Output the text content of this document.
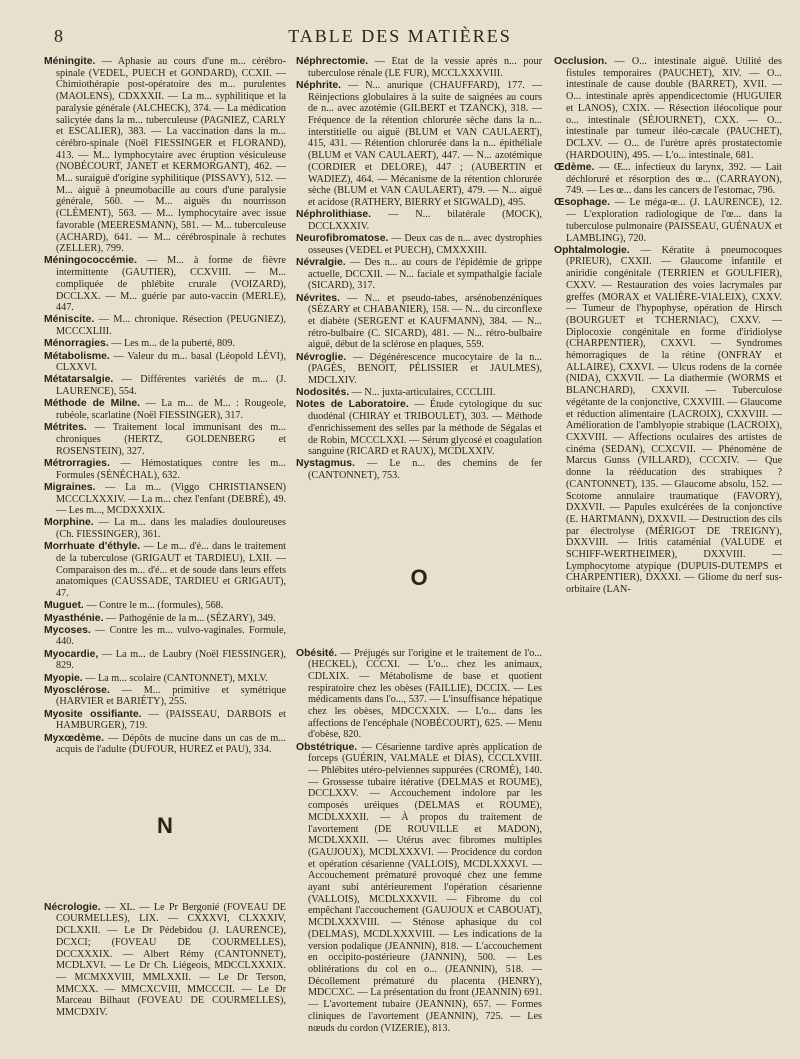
8	TABLE DES MATIÈRES
Méningite. — Aphasie au cours d'une m... cérébro-spinale (VEDEL, PUECH et GONDARD), CCXII. — Chimiothérapie post-opératoire des m... purulentes (MAOLENS), CDXXXII. — La m... syphilitique et la paralysie générale (ALCHECK), 374. — La médication salicytée dans la m... tuberculeuse (PAGNIEZ, CARLY et ESCALIER), 383. — La vaccination dans la m... cérébro-spinale (Noël FIESSINGER et FLORAND), 413. — M... lymphocytaire avec éruption vésiculeuse (NOBÉCOURT, JANET et KERMORGANT), 462. — M... suraiguë d'origine syphilitique (PISSAVY), 512. — M... aiguë à pneumobacille au cours d'une paralysie générale, 560. — M... aiguës du nourrisson (CLÉMENT), 563. — M... lymphocytaire avec issue favorable (MEERESMANN), 581. — M... tuberculeuse (ACHARD), 641. — M... cérébrospinale à rechutes (ZELLER), 799.
Méningococcémie. — M... à forme de fièvre intermittente (GAUTIER), CCXVIII. — M... compliquée de phlébite crurale (VOIZARD), DCCLXX. — M... guérie par auto-vaccin (MERLE), 447.
Méniscite. — M... chronique. Résection (PEUGNIEZ), MCCCXLIII.
Ménorragies. — Les m... de la puberté, 809.
Métabolisme. — Valeur du m... basal (Léopold LÉVI), CLXXVI.
Métatarsalgie. — Différentes variétés de m... (J. LAURENCE), 554.
Méthode de Milne. — La m... de M... : Rougeole, rubéole, scarlatine (Noël FIESSINGER), 317.
Métrites. — Traitement local immunisant des m... chroniques (HERTZ, GOLDENBERG et ROSENSTEIN), 327.
Métrorragies. — Hémostatiques contre les m... Formules (SÉNÉCHAL), 632.
Migraines. — La m... (Viggo CHRISTIANSEN) MCCCLXXXIV. — La m... chez l'enfant (DEBRÉ), 49. — Les m..., MCDXXXIX.
Morphine. — La m... dans les maladies douloureuses (Ch. FIESSINGER), 361.
Morrhuate d'éthyle. — Le m... d'é... dans le traitement de la tuberculose (GRIGAUT et TARDIEU), LXII. — Comparaison des m... d'é... et de soude dans leurs effets anatomiques (CAUSSADE, TARDIEU et GRIGAUT), 47.
Muguet. — Contre le m... (formules), 568.
Myasthénie. — Pathogénie de la m... (SÉZARY), 349.
Mycoses. — Contre les m... vulvo-vaginales. Formule, 440.
Myocardie, — La m... de Laubry (Noël FIESSINGER), 829.
Myopie. — La m... scolaire (CANTONNET), MXLV.
Myosclérose. — M... primitive et symétrique (HARVIER et BARIÉTY), 255.
Myosite ossifiante. — (PAISSEAU, DARBOIS et HAMBURGER), 719.
Myxœdème. — Dépôts de mucine dans un cas de m... acquis de l'adulte (DUFOUR, HUREZ et PAU), 334.
N
Nécrologie. — XL. — Le Pr Bergonié (FOVEAU DE COURMELLES), LIX. — CXXXVI, CLXXXIV, DCLXXII. — Le Dr Pédebidou (J. LAURENCE), DCXCI; (FOVEAU DE COURMELLES), DCCXXXIX. — Albert Rémy (CANTONNET), MCDLXVI. — Le Dr Ch. Liégeois, MDCCLXXXIX. — MCMXXVIII, MMLXXII. — Le Dr Terson, MMCXX. — MMCXCVIII, MMCCCII. — Le Dr Marceau Bilhaut (FOVEAU DE COURMELLES), MMCDXIV.
Néphrectomie. — État de la vessie après n... pour tuberculose rénale (LE FUR), MCCLXXXVIII.
Néphrite. — N... anurique (CHAUFFARD), 177. — Réinjections globulaires à la suite de saignées au cours de n... avec azotémie (GILBERT et TZANCK), 318. — Fréquence de la rétention chlorurée sèche dans la n... interstitielle ou aiguë (BLUM et VAN CAULAERT), 415, 431. — Rétention chlorurée dans la n... épithéliale (BLUM et VAN CAULAERT), 447. — N... azotémique (CORDIER et DELORE), 447 ; (AUBERTIN et WADIEZ), 464. — Mécanisme de la rétention chlorurée sèche (BLUM et VAN CAULAERT), 479. — N... aiguë et acidose (RATHERY, BIERRY et SIGWALD), 495.
Néphrolithiase. — N... bilatérale (MOCK), DCCLXXXIV.
Neurofibromatose. — Deux cas de n... avec dystrophies osseuses (VEDEL et PUECH), CMXXXIII.
Névralgie. — Des n... au cours de l'épidémie de grippe actuelle, DCCXII. — N... faciale et sympathalgie faciale (SICARD), 317.
Névrites. — N... et pseudo-tabes, arsénobenzéniques (SÉZARY et CHABANIER), 158. — N... du circonflexe et diabète (SERGENT et KAUFMANN), 384. — N... rétro-bulbaire (C. SICARD), 481. — N... rétro-bulbaire aiguë, début de la sclérose en plaques, 559.
Névroglie. — Dégénérescence mucocytaire de la n... (PAGÈS, BENOIT, PÉLISSIER et JAULMES), MDCLXIV.
Nodosités. — N... juxta-articulaires, CCCLIII.
Notes de Laboratoire. — Étude cytologique du suc duodénal (CHIRAY et TRIBOULET), 303. — Méthode d'enrichissement des selles par la méthode de Ségalas et de Robin, MCCCLXXI. — Sérum glycosé et coagulation sanguine (RICARD et RAUX), MCDLXXIV.
Nystagmus. — Le n... des chemins de fer (CANTONNET), 753.
O
Obésité. — Préjugés sur l'origine et le traitement de l'o... (HECKEL), CCCXI. — L'o... chez les animaux, CDLXIX. — Métabolisme de base et quotient respiratoire chez les obèses (FAILLIE), DCCIX. — Les médicaments dans l'o..., 537. — L'insuffisance hépatique chez les obèses, MDCCXXIX. — L'o... dans les affections de l'encéphale (NOBÉCOURT), 625. — Menu d'obèse, 820.
Obstétrique. — Césarienne tardive après application de forceps (GUÉRIN, VALMALE et DIAS), CCCLXVIII. — Phlébites utéro-pelviennes suppurées (CROMÉ), 140. — Grossesse tubaire itérative (DELMAS et ROUME), DCCLXXV. — Accouchement indolore par les composés uréiques (DELMAS et ROUME), MCDLXXXII. — À propos du traitement de l'avortement (DE ROUVILLE et MADON), MCDLXXXII. — Utérus avec fibromes multiples (GAUJOUX), MCDLXXXVI. — Procidence du cordon et opération césarienne (VALLOIS), MCDLXXXVI. — Accouchement prématuré provoqué chez une femme ayant subi antérieurement l'opération césarienne (VALLOIS), MCDLXXXVII. — Fibrome du col empêchant l'accouchement (GAUJOUX et CABOUAT), MCDLXXXVIII. — Sténose aphasique du col (DELMAS), MCDLXXXVIII. — Les indications de la version podalique (JEANNIN), 818. — L'accouchement en occipito-postérieure (JANNIN), 500. — Les oblitérations du col en o... (JEANNIN), 518. — Décollement prématuré du placenta (HENRY), MDCCXC. — La présentation du front (JEANNIN) 691. — L'avortement tubaire (JEANNIN), 657. — Formes cliniques de l'avortement (JEANNIN), 725. — Les nœuds du cordon (VIZERIE), 813.
Occlusion. — O... intestinale aiguë. Utilité des fistules temporaires (PAUCHET), XIV. — O... intestinale de cause double (BARRET), XVII. — O... intestinale après appendicectomie (HUGUIER et LANOS), CXIX. — Résection iléocolique pour o... intestinale (SÉJOURNET), CXX. — O... intestinale par tumeur iléo-cæcale (PAUCHET), DCLXV. — O... de l'urètre après prostatectomie (HARDOUIN), 495. — L'o... intestinale, 681.
Œdème. — Œ... infectieux du larynx, 392. — Lait déchloruré et résorption des œ... (CARRAYON), 749. — Les œ... dans les cancers de l'estomac, 796.
Œsophage. — Le méga-œ... (J. LAURENCE), 12. — L'exploration radiologique de l'œ... dans la tuberculose pulmonaire (PAISSEAU, GUÉNAUX et LAMBLING), 720.
Ophtalmologie. — Kératite à pneumocoques (PRIEUR), CXXII. — Glaucome infantile et aniridie congénitale (TERRIEN et GOULFIER), CXXV. — Restauration des voies lacrymales par greffes (MORAX et VALIÈRE-VIALEIX), CXXV. — Tumeur de l'hypophyse, opération de Hirsch (BOURGUET et TCHERNIAC), CXXV. — Diplocoxie congénitale en forme d'iridiolyse (CHARPENTIER), CXXVI. — Syndromes hémorragiques de la rétine (ONFRAY et ALLAIRE), CXXVI. — Ulcus rodens de la cornée (NIDA), CXXVII. — La diathermie (WORMS et BLANCHARD), CXXVII. — Tuberculose végétante de la conjonctive, CXXVIII. — Glaucome et réduction alimentaire (LACROIX), CXXVIII. — Amélioration de l'amblyopie strabique (LACROIX), CXXVIII. — Affections oculaires des artistes de cinéma (SEDAN), CCXCVII. — Phénomène de Marcus Gunss (VILLARD), CCCXIV. — Que donne la rééducation des strabiques ? (CANTONNET), 135. — Glaucome absolu, 152. — Scotome annulaire traumatique (FAVORY), DXXVII. — Papules exulcérées de la conjonctive (E. HARTMANN), DXXVII. — Destruction des cils par électrolyse (MÉRIGOT DE TREIGNY), DXXVIII. — Iritis cataménial (VALUDE et SCHIFF-WERTHEIMER), DXXVIII. — Lymphocytome atypique (DUPUIS-DUTEMPS et CHARPENTIER), DXXXI. — Gliome du nerf sus-orbitaire (LAN-
